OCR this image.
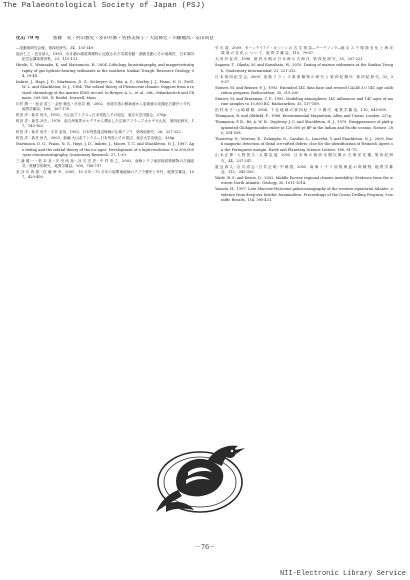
The Palaeontological Society of Japan (PSJ)
化石 79 号	加藤　実・村山雅史・多田井修・各務美保子・大道修宏・川幡穂高・安田尚登

―変動帯研究会報，第四紀研究，34，135-149.

福沢仁之・長谷部人，1993．水月湖の湖底堆積物に記録された気候変動・湖面変動とその地域性．日本第四紀学会講演要旨集，23，110-111.

Hiroki, Y., Watanabe, K. and Matsumoto, R., 2004. Lithology, biostratigraphy, and magnetostratigraphy of gas hydrate-bearing sediments at the southern Nankai Trough. Resource Geology, 54, 29-44.

Imbrie, J., Hays, J. D., Martinson, D. G., McIntyre, A., Mix, A. C., Morley, J. J., Pisias, N. G., Prell, W. L. and Shackleton, N. J., 1984. The orbital theory of Pleistocene climate: Support from a revised chronology of the marine δ18O record. In Berger, A. L., et al., eds., Milankovitch and Climate, 269-305, D. Reidel, Norwell, Mass.

川村 教一・池谷 浩三・金松 敏也・多田井 修，2002．房総半島の鮮新統から更新統の珪藻化石層序と年代．地質学雑誌，108，167-178.

町田 洋・新井 房夫，1992．火山灰アトラス―日本列島とその周辺．東京大学出版会，276p.

町田 洋・新井 房夫，1978．南九州鬼界カルデラから噴出した広域テフラ―アカホヤ火山灰．第四紀研究，17，143-163.

町田 洋・新井 房夫・宇井 忠英，1983．日本列島周辺海域の広域テフラ．第四紀研究，26，227-232.

町田 洋・新井 房夫，2003．新編 火山灰アトラス―日本列島とその周辺．東京大学出版会，336p.

Martinson, D. G., Pisias, N. G., Hays, J. D., Imbrie, J., Moore, T. C. and Shackleton, N. J., 1987. Age dating and the orbital theory of the ice ages: Development of a high-resolution 0 to 300,000-year chronostratigraphy. Quaternary Research, 27, 1-29.

三 浦 健 一・松 本 良・安 田 尚 登・谷 川 亘 史・中 村 恭 之，2002．南海トラフ東部斜面堆積物の古地磁気・堆積学的研究．地質学雑誌，108，788-797.

長 谷 川 四 郎・佐 藤 時 幸，2005．10 万年～70 万年の南関東地域のテフラ層序と年代．地質学雑誌，107，429-450.

早 川 清，2009．ターンテイアイ・カンシン の 古 生 物 誌―テーテフィラ―地 点 ス ラ 環 境 変 化 と 海 洋 環 境 の 変 化 に つ い て．地 質 学 雑 誌，115，79-87.

大 河 内 直 彦，1996．最 終 氷 期 の 日 本 海 の 古 海 洋．第 四 紀 研 究，35，207-221.

Sagawa, T., Okada, M. and Kawahata, H., 2010. Dating of marine sediments at the Nankai Trough. Quaternary International, 21, 221-232.

日 本 第 四 紀 学 会，2009．加 熱 フ ラ ン ス 系 堆 積 物 の 研 究 と 第 四 紀 層 序．第 四 紀 研 究，32，39-57.

Stuiver, M. and Reimer, P. J., 1993. Extended 14C data base and revised CALIB 3.0 14C age calibration program. Radiocarbon, 35, 215-230.

Stuiver, M. and Braziunas, T. F., 1993. Modeling atmospheric 14C influences and 14C ages of marine samples to 10,000 BC. Radiocarbon, 35, 137-189.

田 村 糸 子・山 崎 晴 雄，2004．下 北 地 域 の 第 四 紀 テ フ ラ 層 序．地 質 学 雑 誌，110，645-655.

Thompson, R. and Oldfield, F., 1986. Environmental Magnetism. Allen and Unwin, London, 227p.

Thompson, P. R., Bé, A. W. H., Duplessy, J. C. and Shackleton, N. J., 1979. Disappearance of pink-pigmented Globigerinoides ruber at 120,000 yr BP in the Indian and Pacific oceans. Nature, 280, 554-558.

Thouveny, N., Moreno, E., Delanghe, D., Candon, L., Lancelot, Y. and Shackleton, N. J., 2000. Rock magnetic detection of distal ice-rafted debris: clue for the identification of Heinrich layers on the Portuguese margin. Earth and Planetary Science Letters, 180, 61-75.

山 本 正 伸・入 野 智 久・大 場 忠 道，2005．日 本 海 の 最 終 氷 期 以 降 の 古 海 洋 変 遷．第 四 紀 研 究，44，237-247.

渡 辺 真 人・吉 川 清 志・白 井 正 明・中 嶋 悟，2005．南 海 ト ラ フ 前 弧 海 盆 の 堆 積 物．地 質 学 雑 誌，111，345-355.

Wade, B. S. and Kroon, D., 2002. Middle Eocene regional climate instability: Evidence from the western North Atlantic. Geology, 30, 1011-1014.

Yasuda, H., 1997. Late Miocene-Holocene paleoceanography of the western equatorial Atlantic: evidence from deep-sea benthic foraminifera. Proceedings of the Ocean Drilling Program, Scientific Results, 154, 395-431.

－76－
NII-Electronic Library Service
